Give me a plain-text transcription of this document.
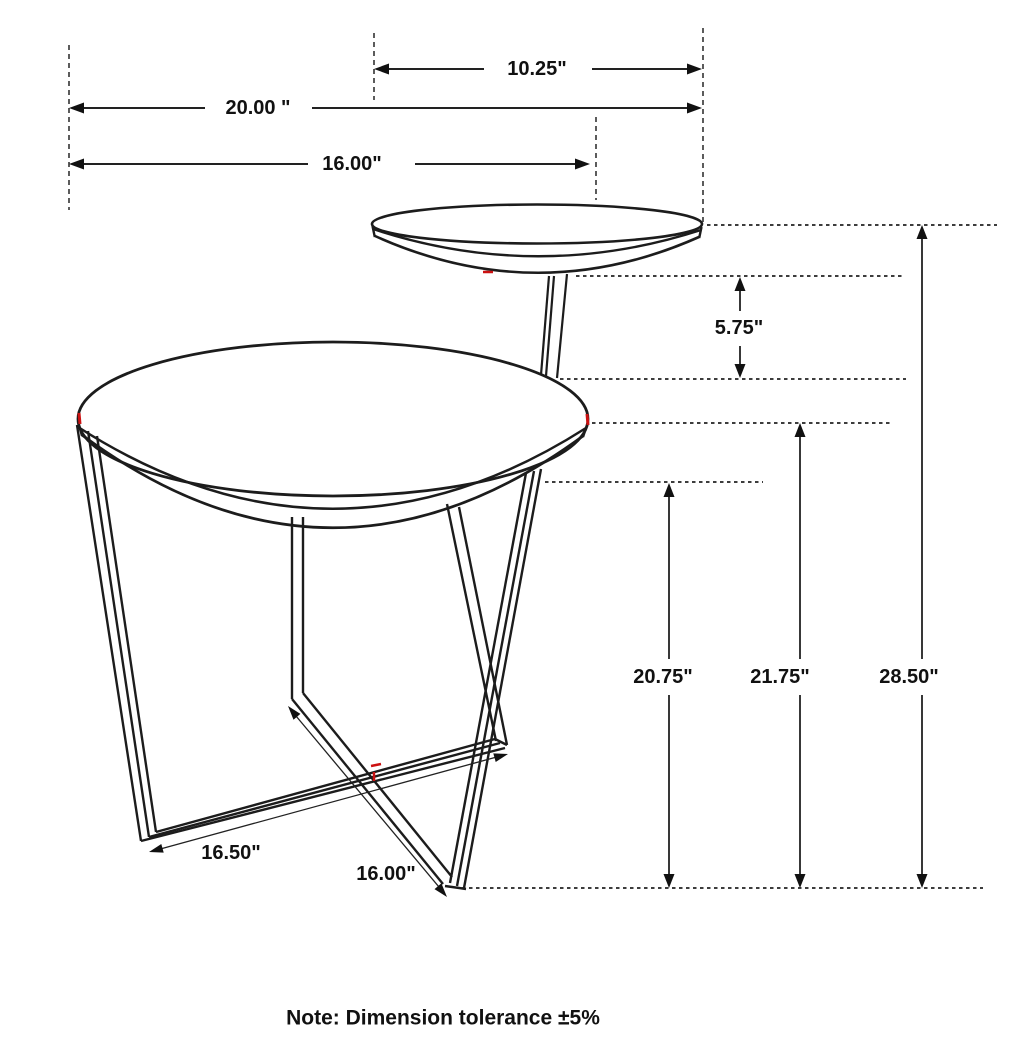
10.25"
20.00 "
16.00"
5.75"
20.75"	21.75"	28.50"
16.50"
16.00"
Note: Dimension tolerance ±5%
